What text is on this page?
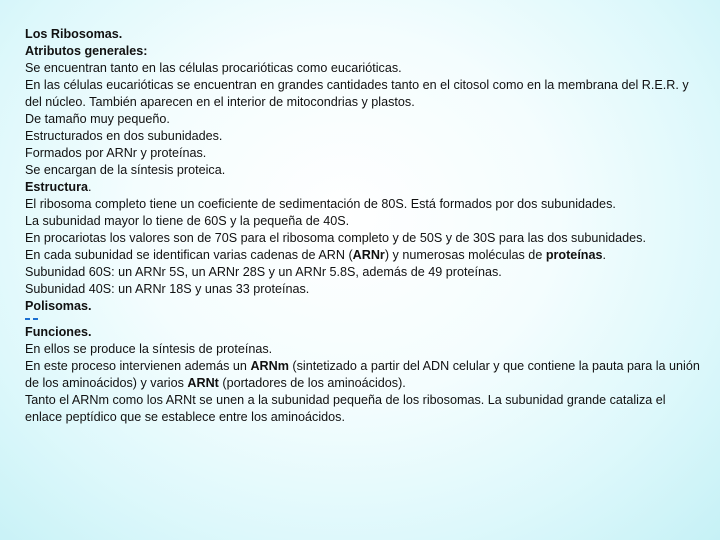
Los Ribosomas.
Atributos generales:
Se encuentran tanto en las células procarióticas como eucarióticas.
En las células eucarióticas se encuentran en grandes cantidades tanto en el citosol como en la membrana del R.E.R. y del núcleo. También aparecen en el interior de mitocondrias y plastos.
De tamaño muy pequeño.
Estructurados en dos subunidades.
Formados por ARNr y proteínas.
Se encargan de la síntesis proteica.
Estructura.
El ribosoma completo tiene un coeficiente de sedimentación de 80S. Está formados por dos subunidades.
La subunidad mayor lo tiene de 60S y la pequeña de 40S.
En procariotas los valores son de 70S para el ribosoma completo y de 50S y de 30S para las dos subunidades.
En cada subunidad se identifican varias cadenas de ARN (ARNr) y numerosas moléculas de proteínas.
Subunidad 60S: un ARNr 5S, un ARNr 28S y un ARNr 5.8S, además de 49 proteínas.
Subunidad 40S: un ARNr 18S y unas 33 proteínas.
Polisomas.
Funciones.
En ellos se produce la síntesis de proteínas.
En este proceso intervienen además un ARNm (sintetizado a partir del ADN celular y que contiene la pauta para la unión de los aminoácidos) y varios ARNt (portadores de los aminoácidos).
Tanto el ARNm como los ARNt se unen a la subunidad pequeña de los ribosomas. La subunidad grande cataliza el enlace peptídico que se establece entre los aminoácidos.
